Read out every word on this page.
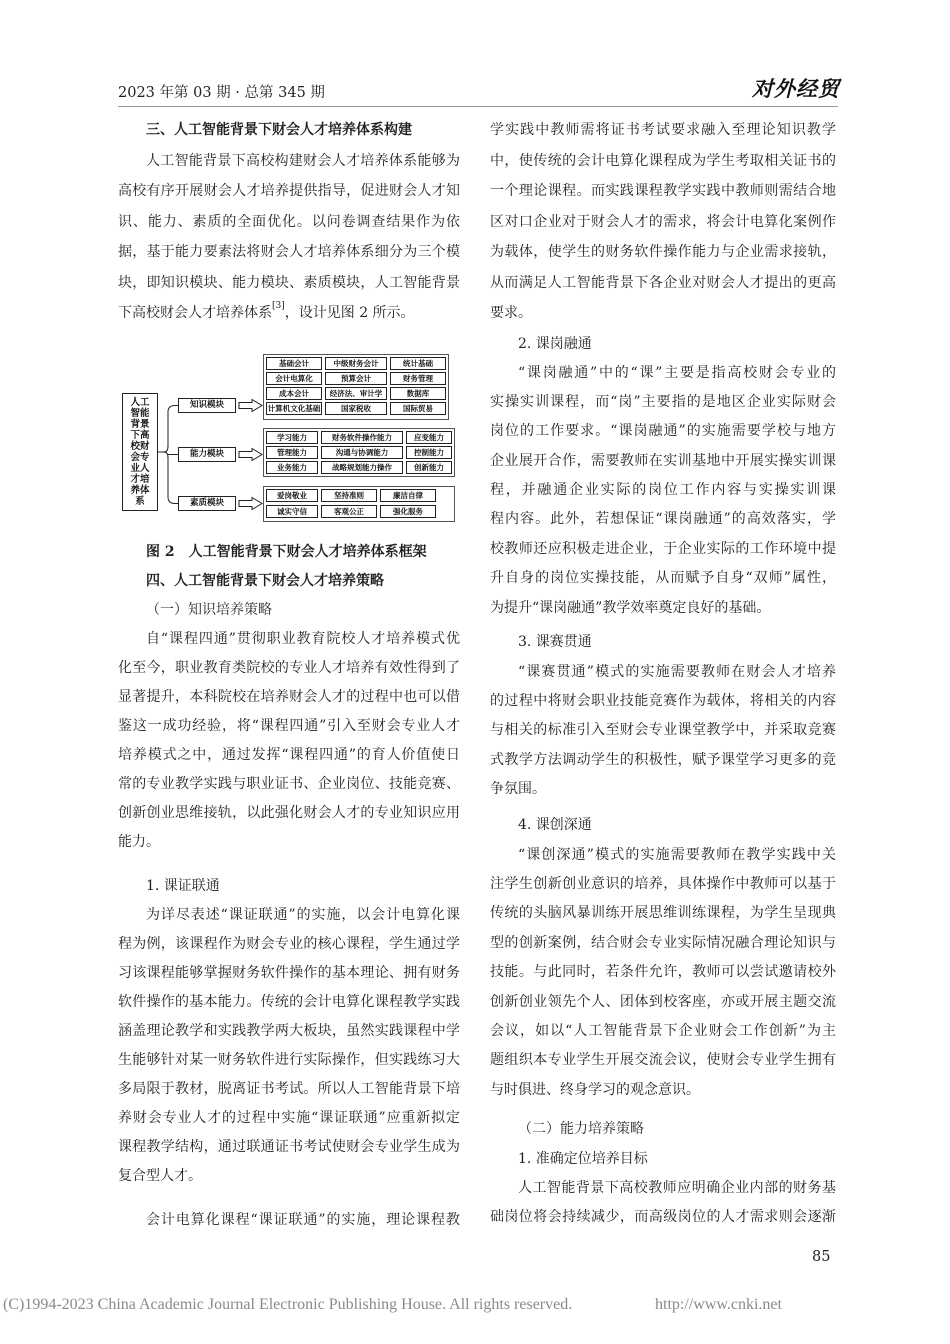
2023 年第 03 期 · 总第 345 期	对外经贸
三、人工智能背景下财会人才培养体系构建
人工智能背景下高校构建财会人才培养体系能够为
高校有序开展财会人才培养提供指导，促进财会人才知
识、能力、素质的全面优化。以问卷调查结果作为依
据，基于能力要素法将财会人才培养体系细分为三个模
块，即知识模块、能力模块、素质模块，人工智能背景
下高校财会人才培养体系[3]，设计见图 2 所示。
人工智能背景下高校财会专业人才培养体系
知识模块
能力模块
素质模块
基础会计	中级财务会计	统计基础
会计电算化	预算会计	财务管理
成本会计	经济法、审计学	数据库
计算机文化基础	国家税收	国际贸易
学习能力	财务软件操作能力	应变能力
管理能力	沟通与协调能力	控制能力
业务能力	战略规划能力操作	创新能力
爱岗敬业	坚持准则	廉洁自律
诚实守信	客观公正	强化服务
图 2　人工智能背景下财会人才培养体系框架
四、人工智能背景下财会人才培养策略
（一）知识培养策略
自“课程四通”贯彻职业教育院校人才培养模式优
化至今，职业教育类院校的专业人才培养有效性得到了
显著提升，本科院校在培养财会人才的过程中也可以借
鉴这一成功经验，将“课程四通”引入至财会专业人才
培养模式之中，通过发挥“课程四通”的育人价值使日
常的专业教学实践与职业证书、企业岗位、技能竞赛、
创新创业思维接轨，以此强化财会人才的专业知识应用
能力。
1. 课证联通
为详尽表述“课证联通”的实施，以会计电算化课
程为例，该课程作为财会专业的核心课程，学生通过学
习该课程能够掌握财务软件操作的基本理论、拥有财务
软件操作的基本能力。传统的会计电算化课程教学实践
涵盖理论教学和实践教学两大板块，虽然实践课程中学
生能够针对某一财务软件进行实际操作，但实践练习大
多局限于教材，脱离证书考试。所以人工智能背景下培
养财会专业人才的过程中实施“课证联通”应重新拟定
课程教学结构，通过联通证书考试使财会专业学生成为
复合型人才。
会计电算化课程“课证联通”的实施，理论课程教
学实践中教师需将证书考试要求融入至理论知识教学
中，使传统的会计电算化课程成为学生考取相关证书的
一个理论课程。而实践课程教学实践中教师则需结合地
区对口企业对于财会人才的需求，将会计电算化案例作
为载体，使学生的财务软件操作能力与企业需求接轨，
从而满足人工智能背景下各企业对财会人才提出的更高
要求。
2. 课岗融通
“课岗融通”中的“课”主要是指高校财会专业的
实操实训课程，而“岗”主要指的是地区企业实际财会
岗位的工作要求。“课岗融通”的实施需要学校与地方
企业展开合作，需要教师在实训基地中开展实操实训课
程，并融通企业实际的岗位工作内容与实操实训课
程内容。此外，若想保证“课岗融通”的高效落实，学
校教师还应积极走进企业，于企业实际的工作环境中提
升自身的岗位实操技能，从而赋予自身“双师”属性，
为提升“课岗融通”教学效率奠定良好的基础。
3. 课赛贯通
“课赛贯通”模式的实施需要教师在财会人才培养
的过程中将财会职业技能竞赛作为载体，将相关的内容
与相关的标准引入至财会专业课堂教学中，并采取竞赛
式教学方法调动学生的积极性，赋予课堂学习更多的竞
争氛围。
4. 课创深通
“课创深通”模式的实施需要教师在教学实践中关
注学生创新创业意识的培养，具体操作中教师可以基于
传统的头脑风暴训练开展思维训练课程，为学生呈现典
型的创新案例，结合财会专业实际情况融合理论知识与
技能。与此同时，若条件允许，教师可以尝试邀请校外
创新创业领先个人、团体到校客座，亦或开展主题交流
会议，如以“人工智能背景下企业财会工作创新”为主
题组织本专业学生开展交流会议，使财会专业学生拥有
与时俱进、终身学习的观念意识。
（二）能力培养策略
1. 准确定位培养目标
人工智能背景下高校教师应明确企业内部的财务基
础岗位将会持续减少，而高级岗位的人才需求则会逐渐
85
(C)1994-2023 China Academic Journal Electronic Publishing House. All rights reserved.	http://www.cnki.net
